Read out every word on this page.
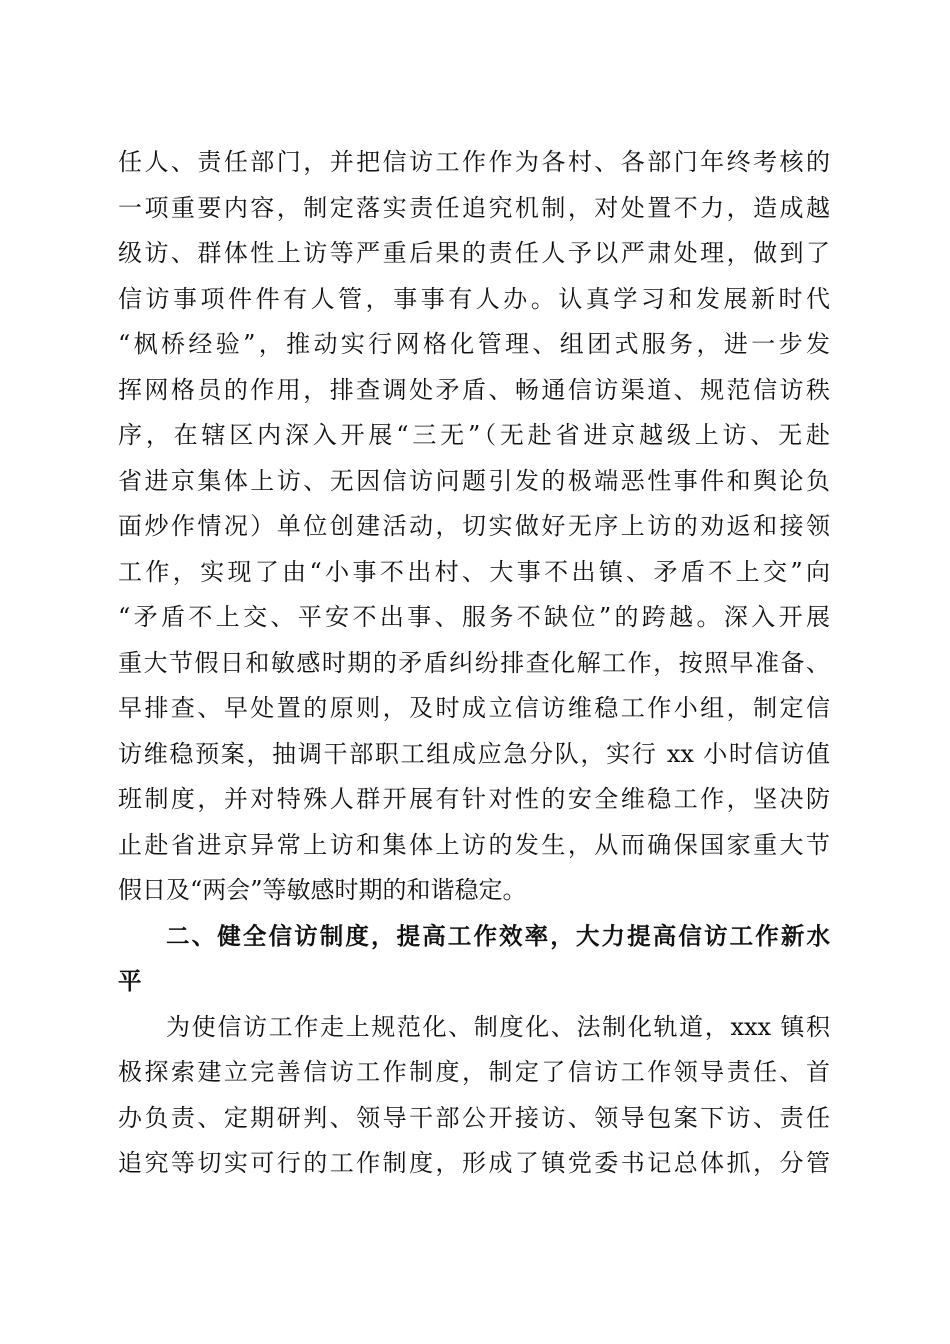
任人、责任部门，并把信访工作作为各村、各部门年终考核的
一项重要内容，制定落实责任追究机制，对处置不力，造成越
级访、群体性上访等严重后果的责任人予以严肃处理，做到了
信访事项件件有人管，事事有人办。认真学习和发展新时代
“枫桥经验”，推动实行网格化管理、组团式服务，进一步发
挥网格员的作用，排查调处矛盾、畅通信访渠道、规范信访秩
序，在辖区内深入开展“三无”（无赴省进京越级上访、无赴
省进京集体上访、无因信访问题引发的极端恶性事件和舆论负
面炒作情况）单位创建活动，切实做好无序上访的劝返和接领
工作，实现了由“小事不出村、大事不出镇、矛盾不上交”向
“矛盾不上交、平安不出事、服务不缺位”的跨越。深入开展
重大节假日和敏感时期的矛盾纠纷排查化解工作，按照早准备、
早排查、早处置的原则，及时成立信访维稳工作小组，制定信
访维稳预案，抽调干部职工组成应急分队，实行 xx 小时信访值
班制度，并对特殊人群开展有针对性的安全维稳工作，坚决防
止赴省进京异常上访和集体上访的发生，从而确保国家重大节
假日及“两会”等敏感时期的和谐稳定。
二、健全信访制度，提高工作效率，大力提高信访工作新水
平
为使信访工作走上规范化、制度化、法制化轨道，xxx 镇积
极探索建立完善信访工作制度，制定了信访工作领导责任、首
办负责、定期研判、领导干部公开接访、领导包案下访、责任
追究等切实可行的工作制度，形成了镇党委书记总体抓，分管
